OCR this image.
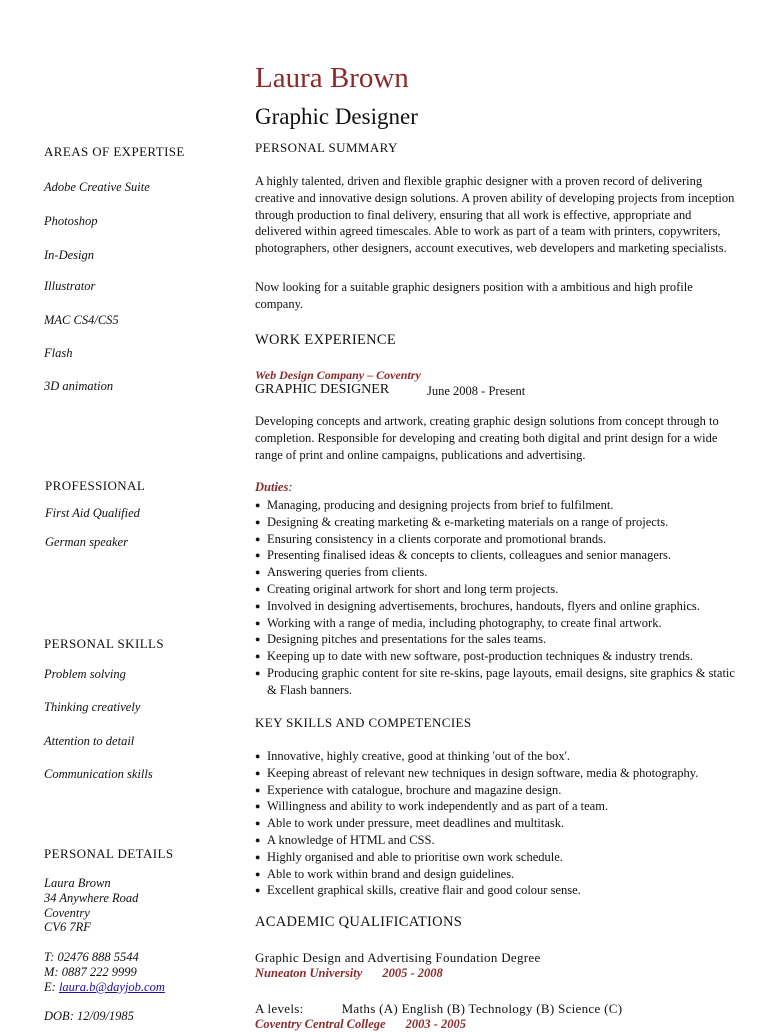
Laura Brown
Graphic Designer
AREAS OF EXPERTISE
Adobe Creative Suite
Photoshop
In-Design
Illustrator
MAC CS4/CS5
Flash
3D animation
PROFESSIONAL
First Aid Qualified
German speaker
PERSONAL SKILLS
Problem solving
Thinking creatively
Attention to detail
Communication skills
PERSONAL DETAILS
Laura Brown
34 Anywhere Road
Coventry
CV6 7RF
T: 02476 888 5544
M: 0887 222 9999
E: laura.b@dayjob.com
DOB: 12/09/1985
PERSONAL SUMMARY
A highly talented, driven and flexible graphic designer with a proven record of delivering creative and innovative design solutions. A proven ability of developing projects from inception through production to final delivery, ensuring that all work is effective, appropriate and delivered within agreed timescales. Able to work as part of a team with printers, copywriters, photographers, other designers, account executives, web developers and marketing specialists.
Now looking for a suitable graphic designers position with a ambitious and high profile company.
WORK EXPERIENCE
Web Design Company – Coventry
GRAPHIC DESIGNER	June 2008 - Present
Developing concepts and artwork, creating graphic design solutions from concept through to completion. Responsible for developing and creating both digital and print design for a wide range of print and online campaigns, publications and advertising.
Duties:
● Managing, producing and designing projects from brief to fulfilment.
● Designing & creating marketing & e-marketing materials on a range of projects.
● Ensuring consistency in a clients corporate and promotional brands.
● Presenting finalised ideas & concepts to clients, colleagues and senior managers.
● Answering queries from clients.
● Creating original artwork for short and long term projects.
● Involved in designing advertisements, brochures, handouts, flyers and online graphics.
● Working with a range of media, including photography, to create final artwork.
● Designing pitches and presentations for the sales teams.
● Keeping up to date with new software, post-production techniques & industry trends.
● Producing graphic content for site re-skins, page layouts, email designs, site graphics & static & Flash banners.
KEY SKILLS AND COMPETENCIES
● Innovative, highly creative, good at thinking 'out of the box'.
● Keeping abreast of relevant new techniques in design software, media & photography.
● Experience with catalogue, brochure and magazine design.
● Willingness and ability to work independently and as part of a team.
● Able to work under pressure, meet deadlines and multitask.
● A knowledge of HTML and CSS.
● Highly organised and able to prioritise own work schedule.
● Able to work within brand and design guidelines.
● Excellent graphical skills, creative flair and good colour sense.
ACADEMIC QUALIFICATIONS
Graphic Design and Advertising Foundation Degree
Nuneaton University 2005 - 2008
A levels:	Maths (A) English (B) Technology (B) Science (C)
Coventry Central College 2003 - 2005
